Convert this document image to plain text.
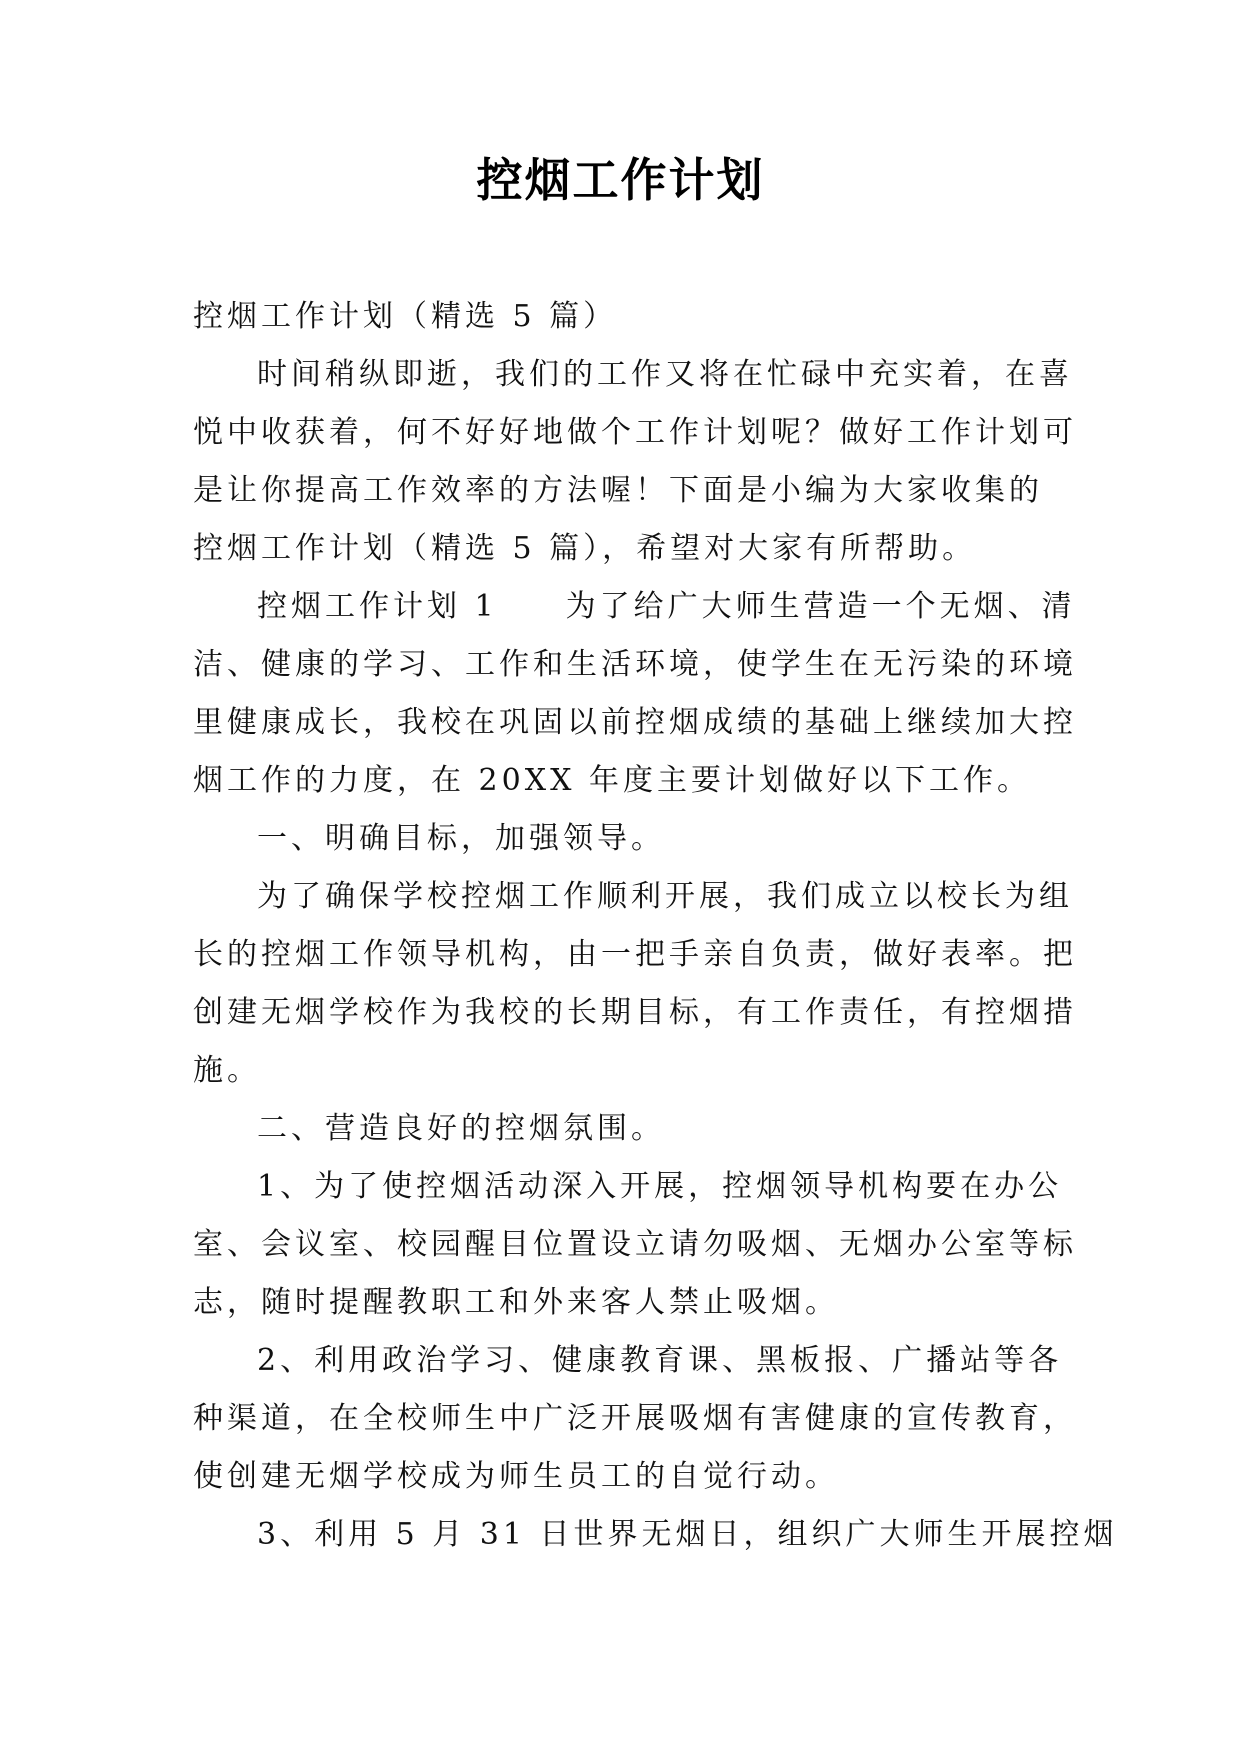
控烟工作计划
控烟工作计划（精选 5 篇）
时间稍纵即逝，我们的工作又将在忙碌中充实着，在喜
悦中收获着，何不好好地做个工作计划呢？做好工作计划可
是让你提高工作效率的方法喔！下面是小编为大家收集的
控烟工作计划（精选 5 篇），希望对大家有所帮助。
控烟工作计划 1　　为了给广大师生营造一个无烟、清
洁、健康的学习、工作和生活环境，使学生在无污染的环境
里健康成长，我校在巩固以前控烟成绩的基础上继续加大控
烟工作的力度，在 20XX 年度主要计划做好以下工作。
一、明确目标，加强领导。
为了确保学校控烟工作顺利开展，我们成立以校长为组
长的控烟工作领导机构，由一把手亲自负责，做好表率。把
创建无烟学校作为我校的长期目标，有工作责任，有控烟措
施。
二、营造良好的控烟氛围。
1、为了使控烟活动深入开展，控烟领导机构要在办公
室、会议室、校园醒目位置设立请勿吸烟、无烟办公室等标
志，随时提醒教职工和外来客人禁止吸烟。
2、利用政治学习、健康教育课、黑板报、广播站等各
种渠道，在全校师生中广泛开展吸烟有害健康的宣传教育，
使创建无烟学校成为师生员工的自觉行动。
3、利用 5 月 31 日世界无烟日，组织广大师生开展控烟
